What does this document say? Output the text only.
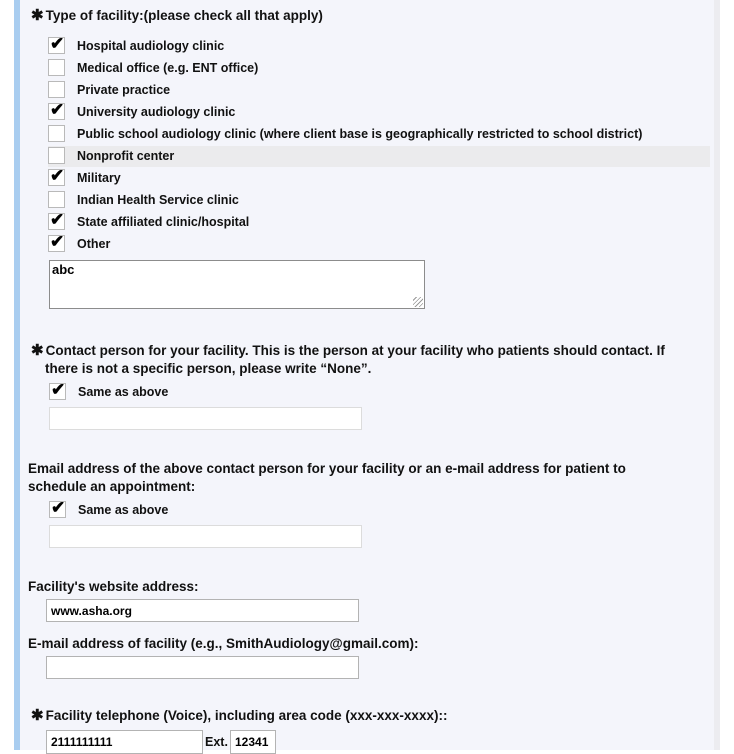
✱ Type of facility:(please check all that apply)
✔ Hospital audiology clinic
Medical office (e.g. ENT office)
Private practice
✔ University audiology clinic
Public school audiology clinic (where client base is geographically restricted to school district)
Nonprofit center
✔ Military
Indian Health Service clinic
✔ State affiliated clinic/hospital
✔ Other
abc
✱ Contact person for your facility. This is the person at your facility who patients should contact. If
there is not a specific person, please write “None”.
✔ Same as above
Email address of the above contact person for your facility or an e-mail address for patient to
schedule an appointment:
✔ Same as above
Facility's website address:
www.asha.org
E-mail address of facility (e.g., SmithAudiology@gmail.com):
✱ Facility telephone (Voice), including area code (xxx-xxx-xxxx)::
2111111111
Ext.
12341
